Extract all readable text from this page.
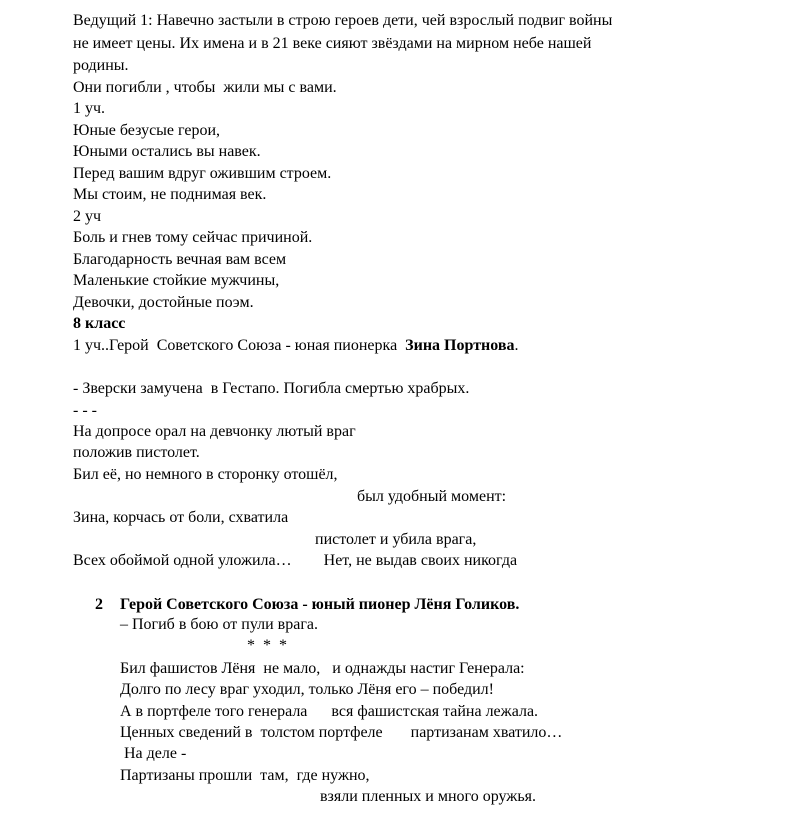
Ведущий 1: Навечно застыли в строю героев дети, чей взрослый подвиг войны

не имеет цены. Их имена и в 21 веке сияют звёздами на мирном небе нашей

родины.

Они погибли , чтобы  жили мы с вами.

1 уч.

Юные безусые герои,

Юными остались вы навек.

Перед вашим вдруг ожившим строем.

Мы стоим, не поднимая век.

2 уч

Боль и гнев тому сейчас причиной.

Благодарность вечная вам всем

Маленькие стойкие мужчины,

Девочки, достойные поэм.

8 класс

1 уч..Герой  Советского Союза - юная пионерка  Зина Портнова.

- Зверски замучена  в Гестапо. Погибла смертью храбрых.

- - -

На допросе орал на девчонку лютый враг

положив пистолет.

Бил её, но немного в сторонку отошёл,

был удобный момент:

Зина, корчась от боли, схватила

пистолет и убила врага,

Всех обоймой одной уложила…        Нет, не выдав своих никогда

2 Герой Советского Союза - юный пионер Лёня Голиков.

– Погиб в бою от пули врага.

*  *  *

Бил фашистов Лёня  не мало,   и однажды настиг Генерала:

Долго по лесу враг уходил, только Лёня его – победил!

А в портфеле того генерала      вся фашистская тайна лежала.

Ценных сведений в  толстом портфеле       партизанам хватило…

На деле -

Партизаны прошли  там,  где нужно,

взяли пленных и много оружья.
